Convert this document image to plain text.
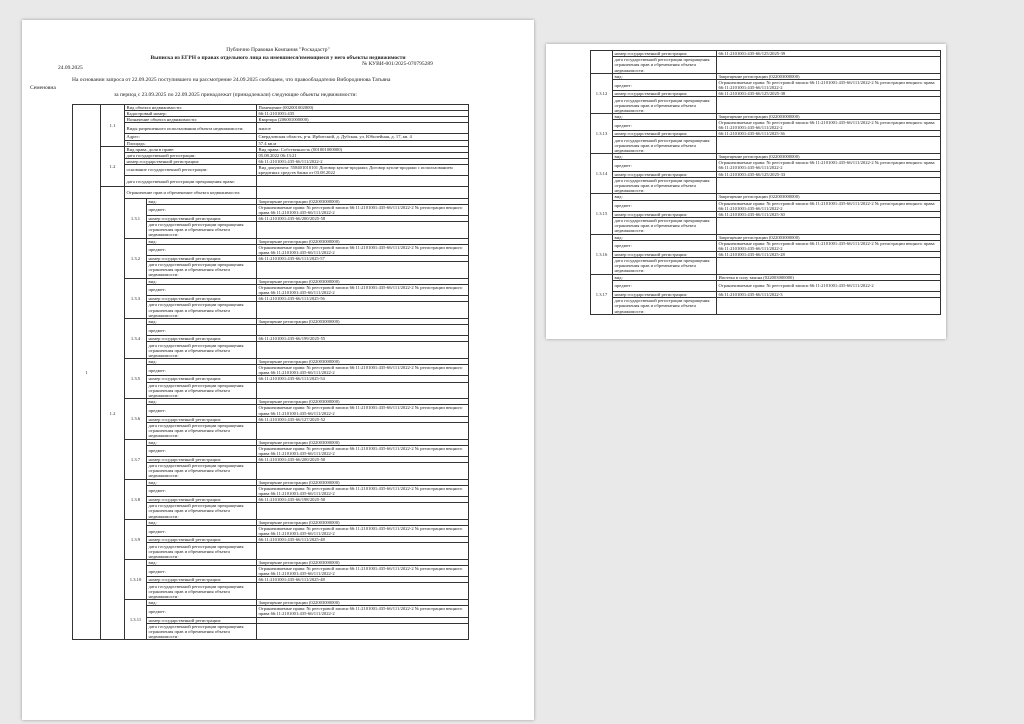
Публично Правовая Компания "Роскадастр"
Выписка из ЕГРН о правах отдельного лица на имевшиеся/имеющиеся у него объекты недвижимости
24.09.2025
№ КУВИ-001/2025-070795289
На основании запроса от 22.09.2025 поступившего на рассмотрение 24.09.2025 сообщаем, что правообладателю Вибородинова Татьяна
Семеновна
за период с 23.09.2025 по 22.09.2025 принадлежат (принадлежали) следующие объекты недвижимости:
1	1.1	Вид объекта недвижимости:		Помещение (002001002000)
		Кадастровый номер:		66:11:2101001:435
		Назначение объекта недвижимости:		Квартира (206001000000)
		Виды разрешенного использования объекта недвижимости:		жилое
		Адрес:		Свердловская область, р-н. Ирбитский, д. Дубская, ул. Юбилейная, д. 17, кв. 4
		Площадь:		57.4 кв.м
	1.2	Вид права, доля в праве:		Вид права: Собственность (001001000000)
		дата государственной регистрации:		05.08.2022 06:13:21
		номер государственной регистрации:		66:11:2101001:435-66/111/2022-2
		основание государственной регистрации:		Вид документа: 558401010101 Договор купли-продажи; Договор купли-продажи с использованием кредитных средств банка от 03.08.2022
		дата государственной регистрации прекращения права:		
	1.2	Ограничение прав и обременение объекта недвижимости:		
		1.3.1	вид:	Запрещение регистрации (022003000000)
			предмет:	Ограничиваемые права: № реестровой записи 66:11:2101001:435-66/111/2022-2 № регистрации вещного права 66:11:2101001:435-66/111/2022-2
			номер государственной регистрации:	66:11:2101001:435-66/200/2025-58
			дата государственной регистрации прекращения ограничения прав и обременения объекта недвижимости:	
		1.3.2	вид:	Запрещение регистрации (022003000000)
			предмет:	Ограничиваемые права: № реестровой записи 66:11:2101001:435-66/111/2022-2 № регистрации вещного права 66:11:2101001:435-66/111/2022-2
			номер государственной регистрации:	66:11:2101001:435-66/111/2025-57
			дата государственной регистрации прекращения ограничения прав и обременения объекта недвижимости:	
		1.3.3	вид:	Запрещение регистрации (022003000000)
			предмет:	Ограничиваемые права: № реестровой записи 66:11:2101001:435-66/111/2022-2 № регистрации вещного права 66:11:2101001:435-66/111/2022-2
			номер государственной регистрации:	66:11:2101001:435-66/111/2025-56
			дата государственной регистрации прекращения ограничения прав и обременения объекта недвижимости:	
		1.3.4	вид:	Запрещение регистрации (022003000000)
			предмет:	
			номер государственной регистрации:	66:11:2101001:435-66/199/2025-55
			дата государственной регистрации прекращения ограничения прав и обременения объекта недвижимости:	
		1.3.5	вид:	Запрещение регистрации (022003000000)
			предмет:	Ограничиваемые права: № реестровой записи 66:11:2101001:435-66/111/2022-2 № регистрации вещного права 66:11:2101001:435-66/111/2022-2
			номер государственной регистрации:	66:11:2101001:435-66/111/2025-54
			дата государственной регистрации прекращения ограничения прав и обременения объекта недвижимости:	
		1.3.6	вид:	Запрещение регистрации (022003000000)
			предмет:	Ограничиваемые права: № реестровой записи 66:11:2101001:435-66/111/2022-2 № регистрации вещного права 66:11:2101001:435-66/111/2022-2
			номер государственной регистрации:	66:11:2101001:435-66/127/2025-52
			дата государственной регистрации прекращения ограничения прав и обременения объекта недвижимости:	
		1.3.7	вид:	Запрещение регистрации (022003000000)
			предмет:	Ограничиваемые права: № реестровой записи 66:11:2101001:435-66/111/2022-2 № регистрации вещного права 66:11:2101001:435-66/111/2022-2
			номер государственной регистрации:	66:11:2101001:435-66/200/2025-50
			дата государственной регистрации прекращения ограничения прав и обременения объекта недвижимости:	
		1.3.8	вид:	Запрещение регистрации (022003000000)
			предмет:	Ограничиваемые права: № реестровой записи 66:11:2101001:435-66/111/2022-2 № регистрации вещного права 66:11:2101001:435-66/111/2022-2
			номер государственной регистрации:	66:11:2101001:435-66/198/2025-50
			дата государственной регистрации прекращения ограничения прав и обременения объекта недвижимости:	
		1.3.9	вид:	Запрещение регистрации (022003000000)
			предмет:	Ограничиваемые права: № реестровой записи 66:11:2101001:435-66/111/2022-2 № регистрации вещного права 66:11:2101001:435-66/111/2022-2
			номер государственной регистрации:	66:11:2101001:435-66/111/2025-48
			дата государственной регистрации прекращения ограничения прав и обременения объекта недвижимости:	
		1.3.10	вид:	Запрещение регистрации (022003000000)
			предмет:	Ограничиваемые права: № реестровой записи 66:11:2101001:435-66/111/2022-2 № регистрации вещного права 66:11:2101001:435-66/111/2022-2
			номер государственной регистрации:	66:11:2101001:435-66/111/2025-48
			дата государственной регистрации прекращения ограничения прав и обременения объекта недвижимости:	
		1.3.11	вид:	Запрещение регистрации (022003000000)
			предмет:	Ограничиваемые права: № реестровой записи 66:11:2101001:435-66/111/2022-2 № регистрации вещного права 66:11:2101001:435-66/111/2022-2
			номер государственной регистрации:	
			дата государственной регистрации прекращения ограничения прав и обременения объекта недвижимости:	
	номер государственной регистрации:	66:11:2101001:435-66/125/2025-39
	дата государственной регистрации прекращения ограничения прав и обременения объекта недвижимости:	
1.3.12	вид:	Запрещение регистрации (022003000000)
	предмет:	Ограничиваемые права: № реестровой записи 66:11:2101001:435-66/111/2022-2 № регистрации вещного права 66:11:2101001:435-66/111/2022-2
	номер государственной регистрации:	66:11:2101001:435-66/125/2025-38
	дата государственной регистрации прекращения ограничения прав и обременения объекта недвижимости:	
1.3.13	вид:	Запрещение регистрации (022003000000)
	предмет:	Ограничиваемые права: № реестровой записи 66:11:2101001:435-66/111/2022-2 № регистрации вещного права 66:11:2101001:435-66/111/2022-2
	номер государственной регистрации:	66:11:2101001:435-66/111/2025-36
	дата государственной регистрации прекращения ограничения прав и обременения объекта недвижимости:	
1.3.14	вид:	Запрещение регистрации (022003000000)
	предмет:	Ограничиваемые права: № реестровой записи 66:11:2101001:435-66/111/2022-2 № регистрации вещного права 66:11:2101001:435-66/111/2022-2
	номер государственной регистрации:	66:11:2101001:435-66/125/2025-33
	дата государственной регистрации прекращения ограничения прав и обременения объекта недвижимости:	
1.3.15	вид:	Запрещение регистрации (022003000000)
	предмет:	Ограничиваемые права: № реестровой записи 66:11:2101001:435-66/111/2022-2 № регистрации вещного права 66:11:2101001:435-66/111/2022-2
	номер государственной регистрации:	66:11:2101001:435-66/111/2025-30
	дата государственной регистрации прекращения ограничения прав и обременения объекта недвижимости:	
1.3.16	вид:	Запрещение регистрации (022003000000)
	предмет:	Ограничиваемые права: № реестровой записи 66:11:2101001:435-66/111/2022-2 № регистрации вещного права 66:11:2101001:435-66/111/2022-2
	номер государственной регистрации:	66:11:2101001:435-66/111/2025-28
	дата государственной регистрации прекращения ограничения прав и обременения объекта недвижимости:	
1.3.17	вид:	Ипотека в силу закона (022003000000)
	предмет:	Ограничиваемые права: № реестровой записи 66:11:2101001:435-66/111/2022-2
	номер государственной регистрации:	66:11:2101001:435-66/111/2022-3
	дата государственной регистрации прекращения ограничения прав и обременения объекта недвижимости:	
